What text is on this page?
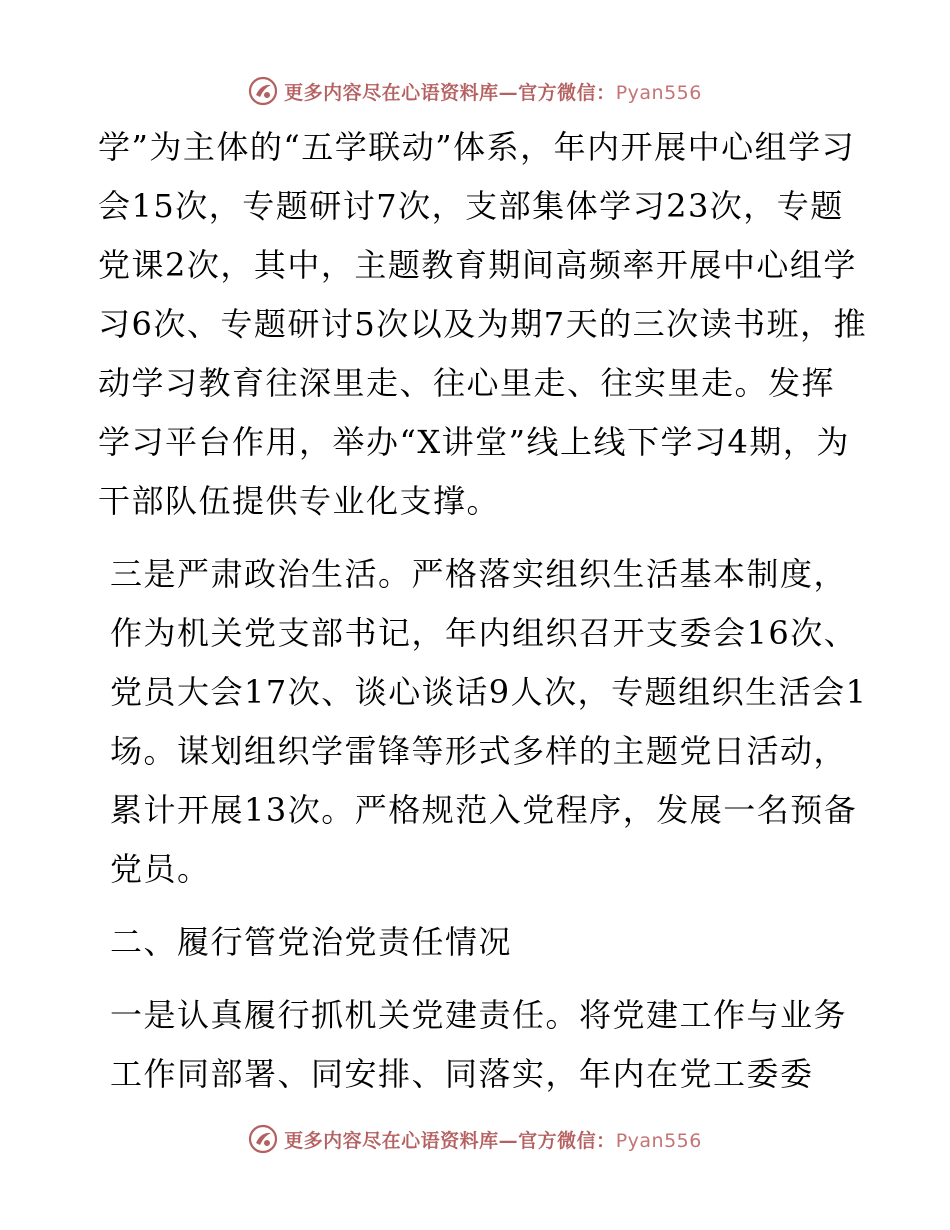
更多内容尽在心语资料库—官方微信：Pyan556

学”为主体的“五学联动”体系，年内开展中心组学习会15次，专题研讨7次，支部集体学习23次，专题党课2次，其中，主题教育期间高频率开展中心组学习6次、专题研讨5次以及为期7天的三次读书班，推动学习教育往深里走、往心里走、往实里走。发挥学习平台作用，举办“X讲堂”线上线下学习4期，为干部队伍提供专业化支撑。

三是严肃政治生活。严格落实组织生活基本制度，作为机关党支部书记，年内组织召开支委会16次、党员大会17次、谈心谈话9人次，专题组织生活会1场。谋划组织学雷锋等形式多样的主题党日活动，累计开展13次。严格规范入党程序，发展一名预备党员。

二、履行管党治党责任情况

一是认真履行抓机关党建责任。将党建工作与业务工作同部署、同安排、同落实，年内在党工委委

更多内容尽在心语资料库—官方微信：Pyan556
